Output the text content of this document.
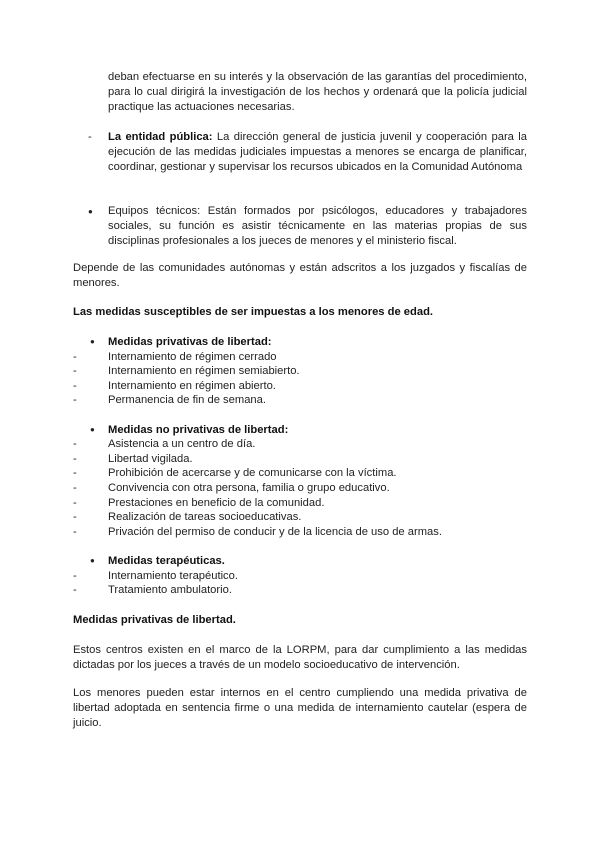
deban efectuarse en su interés y la observación de las garantías del procedimiento, para lo cual dirigirá la investigación de los hechos y ordenará que la policía judicial practique las actuaciones necesarias.
- La entidad pública: La dirección general de justicia juvenil y cooperación para la ejecución de las medidas judiciales impuestas a menores se encarga de planificar, coordinar, gestionar y supervisar los recursos ubicados en la Comunidad Autónoma
● Equipos técnicos: Están formados por psicólogos, educadores y trabajadores sociales, su función es asistir técnicamente en las materias propias de sus disciplinas profesionales a los jueces de menores y el ministerio fiscal.
Depende de las comunidades autónomas y están adscritos a los juzgados y fiscalías de menores.
Las medidas susceptibles de ser impuestas a los menores de edad.
● Medidas privativas de libertad:
-	Internamiento de régimen cerrado
-	Internamiento en régimen semiabierto.
-	Internamiento en régimen abierto.
-	Permanencia de fin de semana.
● Medidas no privativas de libertad:
-	Asistencia a un centro de día.
-	Libertad vigilada.
-	Prohibición de acercarse y de comunicarse con la víctima.
-	Convivencia con otra persona, familia o grupo educativo.
-	Prestaciones en beneficio de la comunidad.
-	Realización de tareas socioeducativas.
-	Privación del permiso de conducir y de la licencia de uso de armas.
● Medidas terapéuticas.
-	Internamiento terapéutico.
-	Tratamiento ambulatorio.
Medidas privativas de libertad.
Estos centros existen en el marco de la LORPM, para dar cumplimiento a las medidas dictadas por los jueces a través de un modelo socioeducativo de intervención.
Los menores pueden estar internos en el centro cumpliendo una medida privativa de libertad adoptada en sentencia firme o una medida de internamiento cautelar (espera de juicio.
